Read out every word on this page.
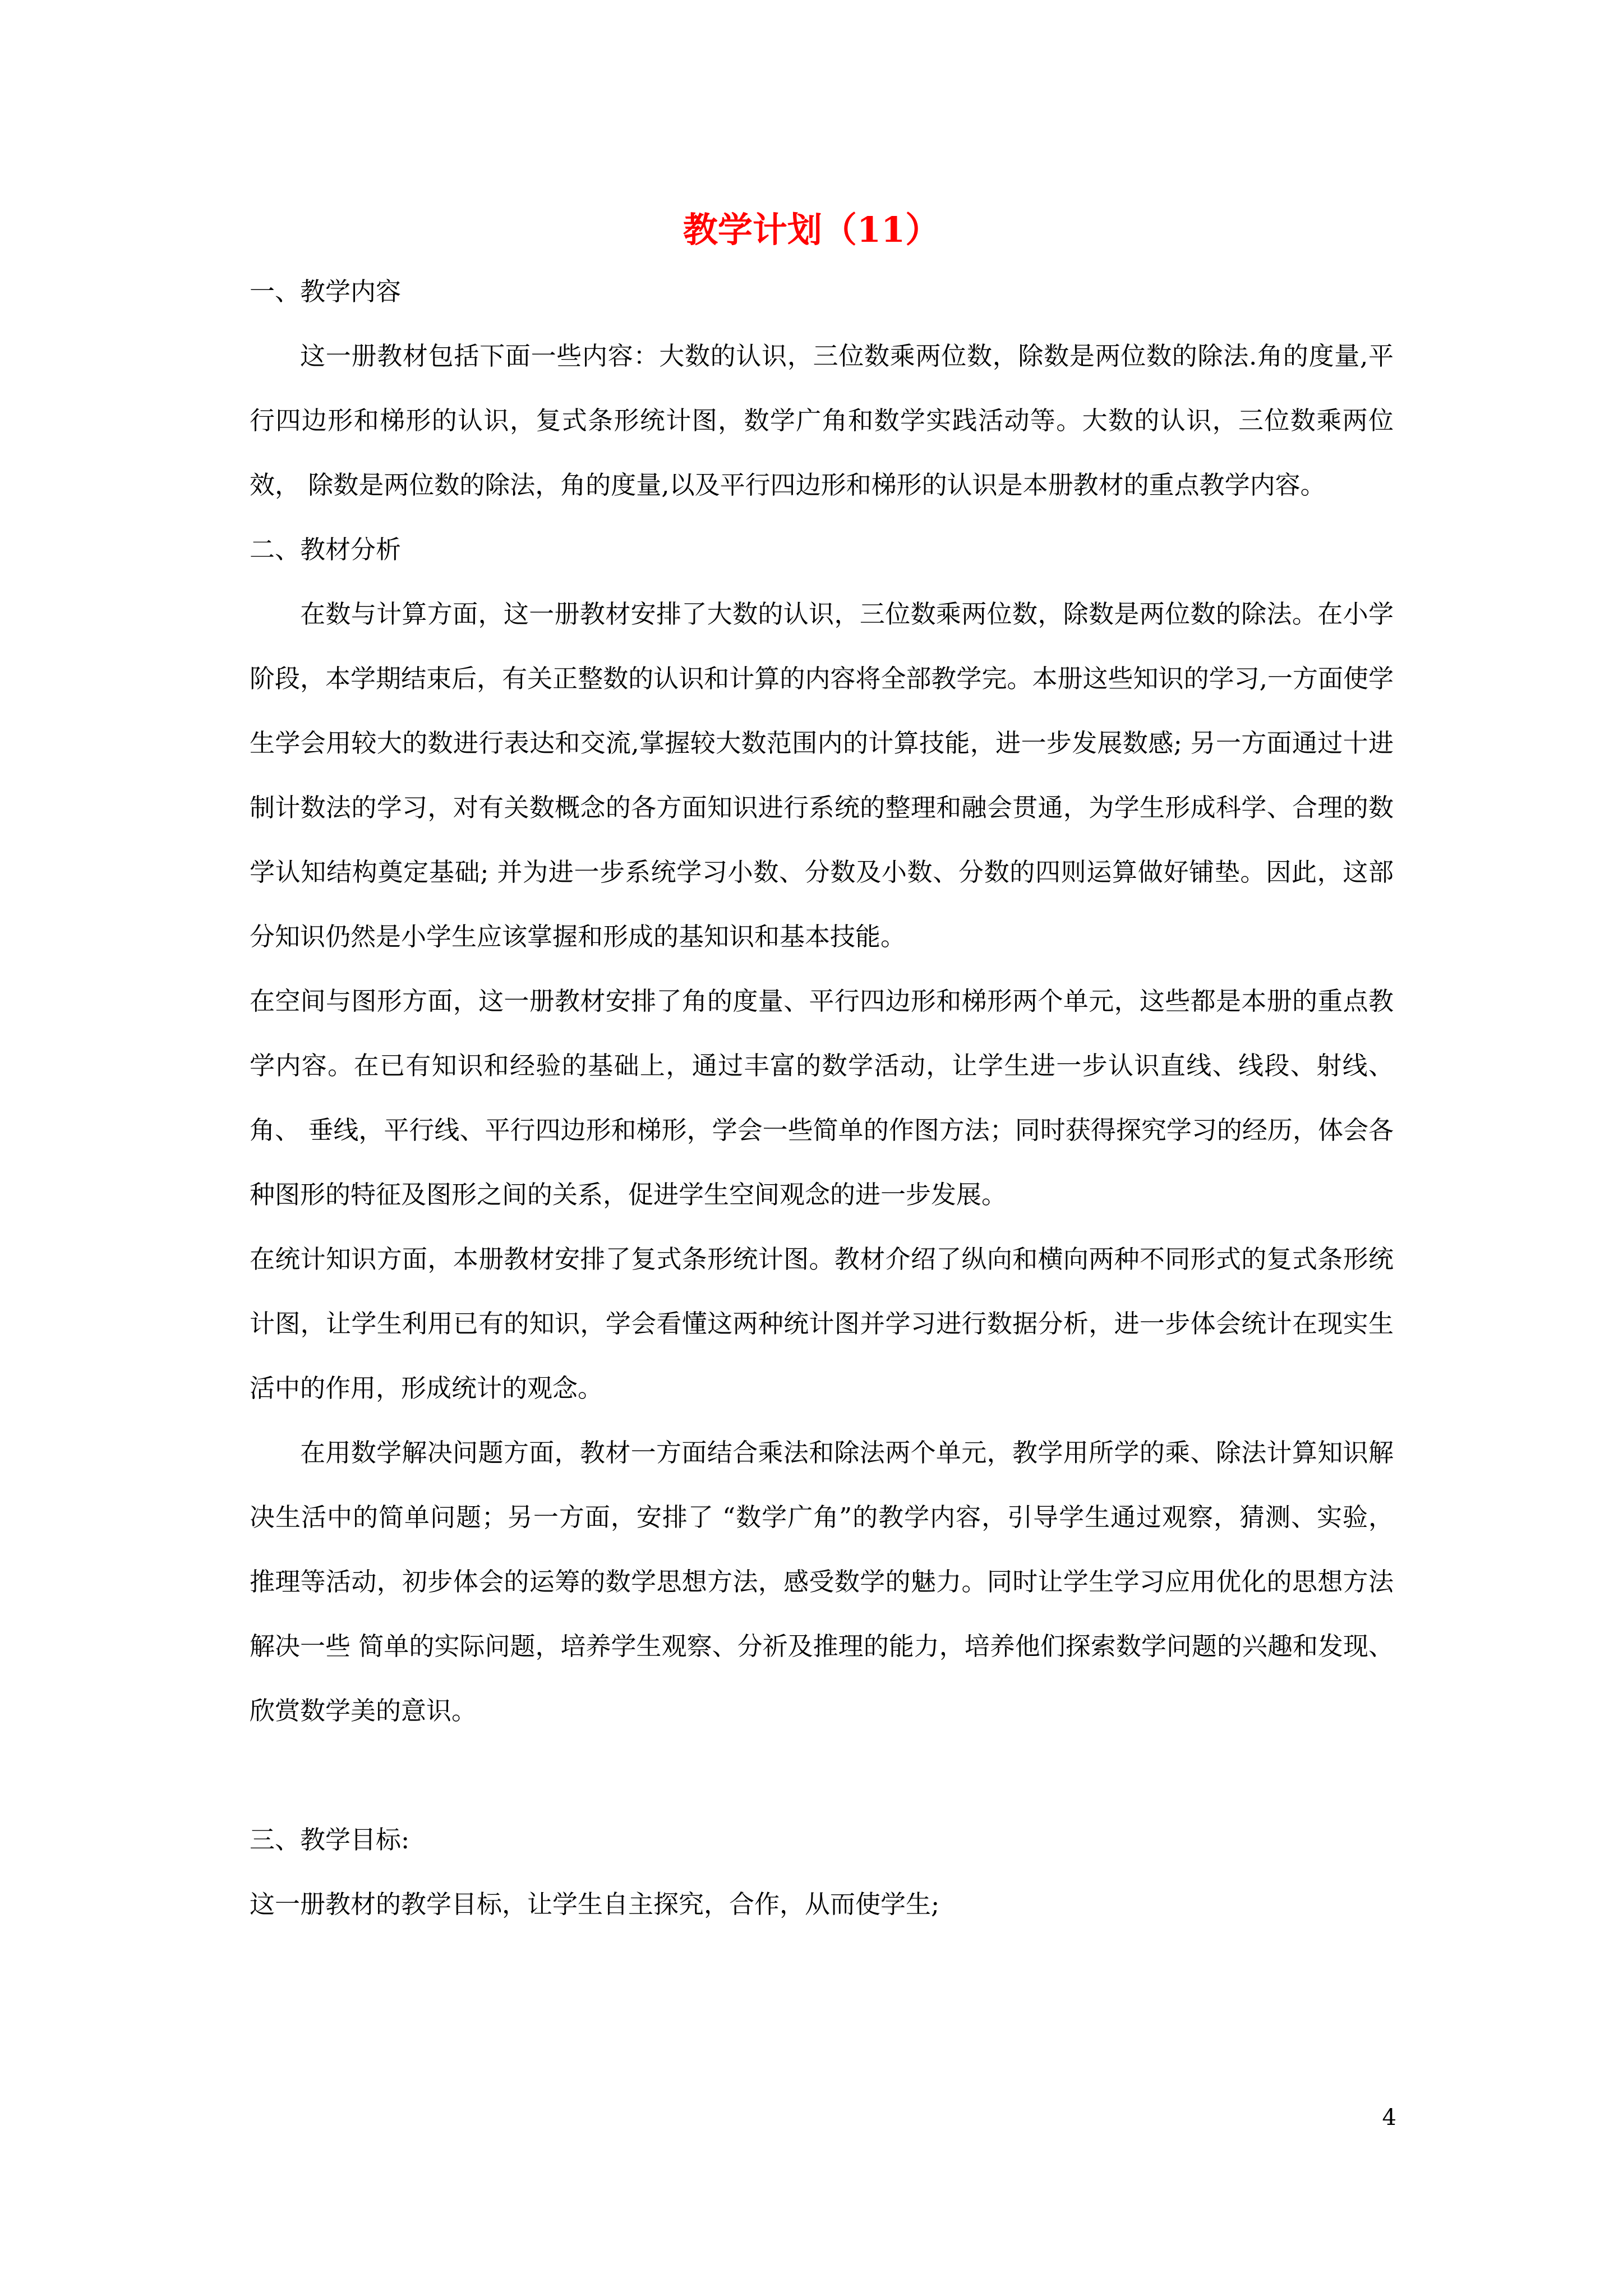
教学计划（11）

一、教学内容

这一册教材包括下面一些内容：大数的认识，三位数乘两位数，除数是两位数的除法.角的度量,平行四边形和梯形的认识，复式条形统计图，数学广角和数学实践活动等。大数的认识，三位数乘两位效， 除数是两位数的除法，角的度量,以及平行四边形和梯形的认识是本册教材的重点教学内容。

二、教材分析

在数与计算方面，这一册教材安排了大数的认识，三位数乘两位数，除数是两位数的除法。在小学阶段，本学期结束后，有关正整数的认识和计算的内容将全部教学完。本册这些知识的学习,一方面使学生学会用较大的数进行表达和交流,掌握较大数范围内的计算技能，进一步发展数感; 另一方面通过十进制计数法的学习，对有关数概念的各方面知识进行系统的整理和融会贯通，为学生形成科学、合理的数学认知结构奠定基础; 并为进一步系统学习小数、分数及小数、分数的四则运算做好铺垫。因此，这部分知识仍然是小学生应该掌握和形成的基知识和基本技能。

在空间与图形方面，这一册教材安排了角的度量、平行四边形和梯形两个单元，这些都是本册的重点教学内容。在已有知识和经验的基础上，通过丰富的数学活动，让学生进一步认识直线、线段、射线、角、 垂线，平行线、平行四边形和梯形，学会一些简单的作图方法；同时获得探究学习的经历，体会各种图形的特征及图形之间的关系，促进学生空间观念的进一步发展。

在统计知识方面，本册教材安排了复式条形统计图。教材介绍了纵向和横向两种不同形式的复式条形统计图，让学生利用已有的知识，学会看懂这两种统计图并学习进行数据分析，进一步体会统计在现实生活中的作用，形成统计的观念。

在用数学解决问题方面，教材一方面结合乘法和除法两个单元，教学用所学的乘、除法计算知识解决生活中的简单问题；另一方面，安排了 “数学广角”的教学内容，引导学生通过观察，猜测、实验，推理等活动，初步体会的运筹的数学思想方法，感受数学的魅力。同时让学生学习应用优化的思想方法解决一些 简单的实际问题，培养学生观察、分祈及推理的能力，培养他们探索数学问题的兴趣和发现、欣赏数学美的意识。

三、教学目标:

这一册教材的教学目标，让学生自主探究，合作，从而使学生;

4
